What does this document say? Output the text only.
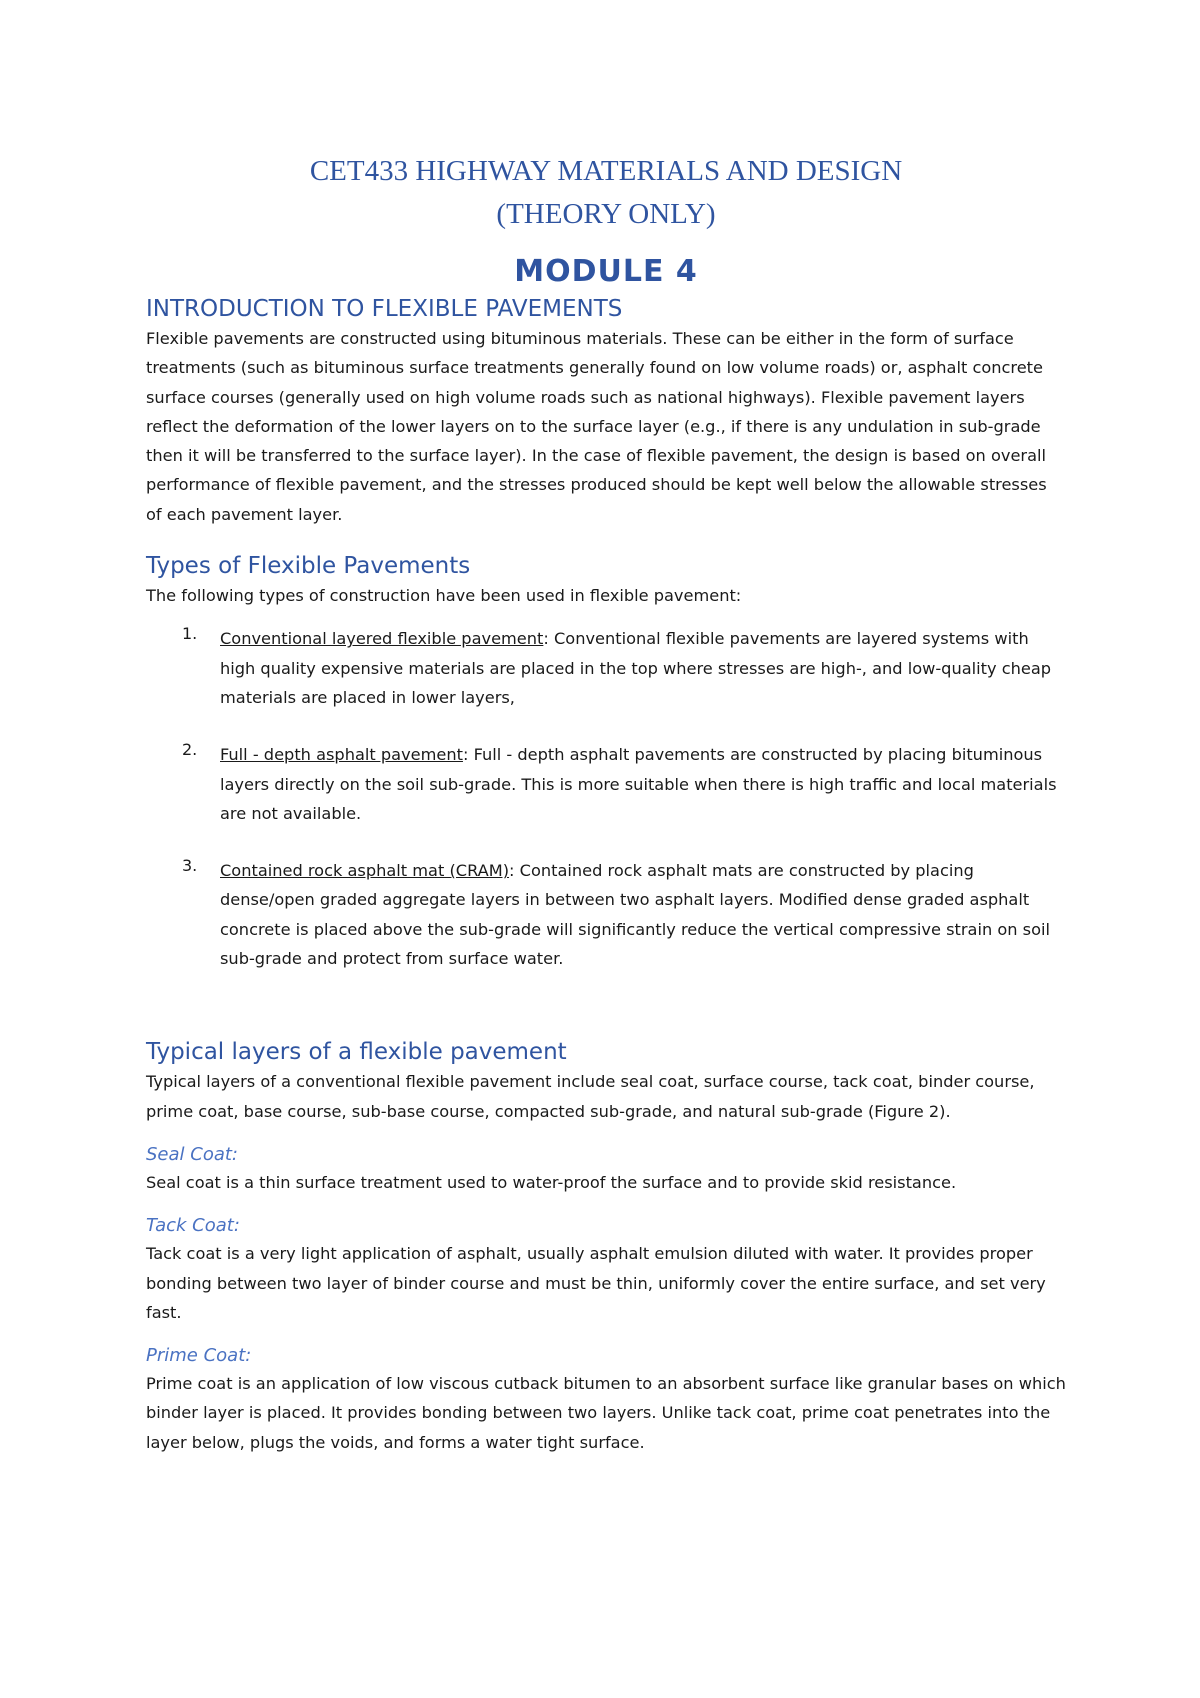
CET433 HIGHWAY MATERIALS AND DESIGN
(THEORY ONLY)
MODULE 4
INTRODUCTION TO FLEXIBLE PAVEMENTS

Flexible pavements are constructed using bituminous materials. These can be either in the form of surface treatments (such as bituminous surface treatments generally found on low volume roads) or, asphalt concrete surface courses (generally used on high volume roads such as national highways). Flexible pavement layers reflect the deformation of the lower layers on to the surface layer (e.g., if there is any undulation in sub-grade then it will be transferred to the surface layer). In the case of flexible pavement, the design is based on overall performance of flexible pavement, and the stresses produced should be kept well below the allowable stresses of each pavement layer.

Types of Flexible Pavements

The following types of construction have been used in flexible pavement:

1. Conventional layered flexible pavement: Conventional flexible pavements are layered systems with high quality expensive materials are placed in the top where stresses are high-, and low-quality cheap materials are placed in lower layers,

2. Full - depth asphalt pavement: Full - depth asphalt pavements are constructed by placing bituminous layers directly on the soil sub-grade. This is more suitable when there is high traffic and local materials are not available.

3. Contained rock asphalt mat (CRAM): Contained rock asphalt mats are constructed by placing dense/open graded aggregate layers in between two asphalt layers. Modified dense graded asphalt concrete is placed above the sub-grade will significantly reduce the vertical compressive strain on soil sub-grade and protect from surface water.

Typical layers of a flexible pavement

Typical layers of a conventional flexible pavement include seal coat, surface course, tack coat, binder course, prime coat, base course, sub-base course, compacted sub-grade, and natural sub-grade (Figure 2).

Seal Coat:

Seal coat is a thin surface treatment used to water-proof the surface and to provide skid resistance.

Tack Coat:

Tack coat is a very light application of asphalt, usually asphalt emulsion diluted with water. It provides proper bonding between two layer of binder course and must be thin, uniformly cover the entire surface, and set very fast.

Prime Coat:

Prime coat is an application of low viscous cutback bitumen to an absorbent surface like granular bases on which binder layer is placed. It provides bonding between two layers. Unlike tack coat, prime coat penetrates into the layer below, plugs the voids, and forms a water tight surface.
